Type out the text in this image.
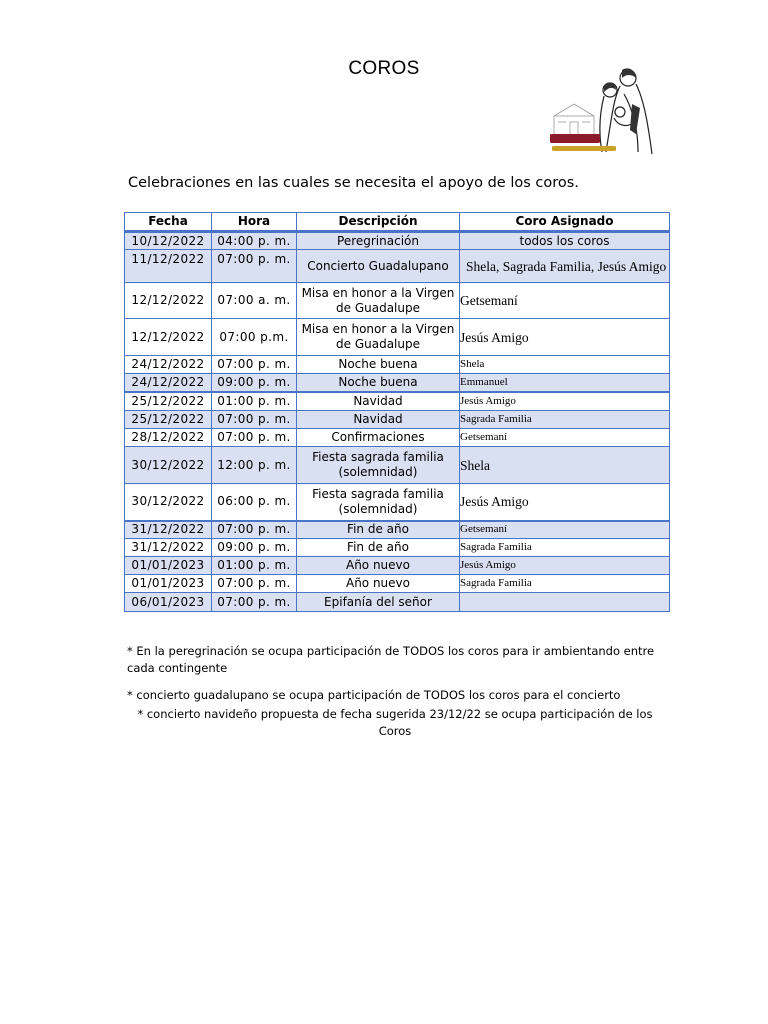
COROS
Celebraciones en las cuales se necesita el apoyo de los coros.
Fecha	Hora	Descripción	Coro Asignado
10/12/2022	04:00 p. m.	Peregrinación	todos los coros
11/12/2022	07:00 p. m.	Concierto Guadalupano	Shela, Sagrada Familia, Jesús Amigo
12/12/2022	07:00 a. m.	Misa en honor a la Virgen de Guadalupe	Getsemaní
12/12/2022	07:00 p.m.	Misa en honor a la Virgen de Guadalupe	Jesús Amigo
24/12/2022	07:00 p. m.	Noche buena	Shela
24/12/2022	09:00 p. m.	Noche buena	Emmanuel
25/12/2022	01:00 p. m.	Navidad	Jesús Amigo
25/12/2022	07:00 p. m.	Navidad	Sagrada Familia
28/12/2022	07:00 p. m.	Confirmaciones	Getsemaní
30/12/2022	12:00 p. m.	Fiesta sagrada familia (solemnidad)	Shela
30/12/2022	06:00 p. m.	Fiesta sagrada familia (solemnidad)	Jesús Amigo
31/12/2022	07:00 p. m.	Fin de año	Getsemaní
31/12/2022	09:00 p. m.	Fin de año	Sagrada Familia
01/01/2023	01:00 p. m.	Año nuevo	Jesús Amigo
01/01/2023	07:00 p. m.	Año nuevo	Sagrada Familia
06/01/2023	07:00 p. m.	Epifanía del señor	
* En la peregrinación se ocupa participación de TODOS los coros para ir ambientando entre cada contingente
* concierto guadalupano se ocupa participación de TODOS los coros para el concierto
* concierto navideño propuesta de fecha sugerida 23/12/22 se ocupa participación de los Coros
